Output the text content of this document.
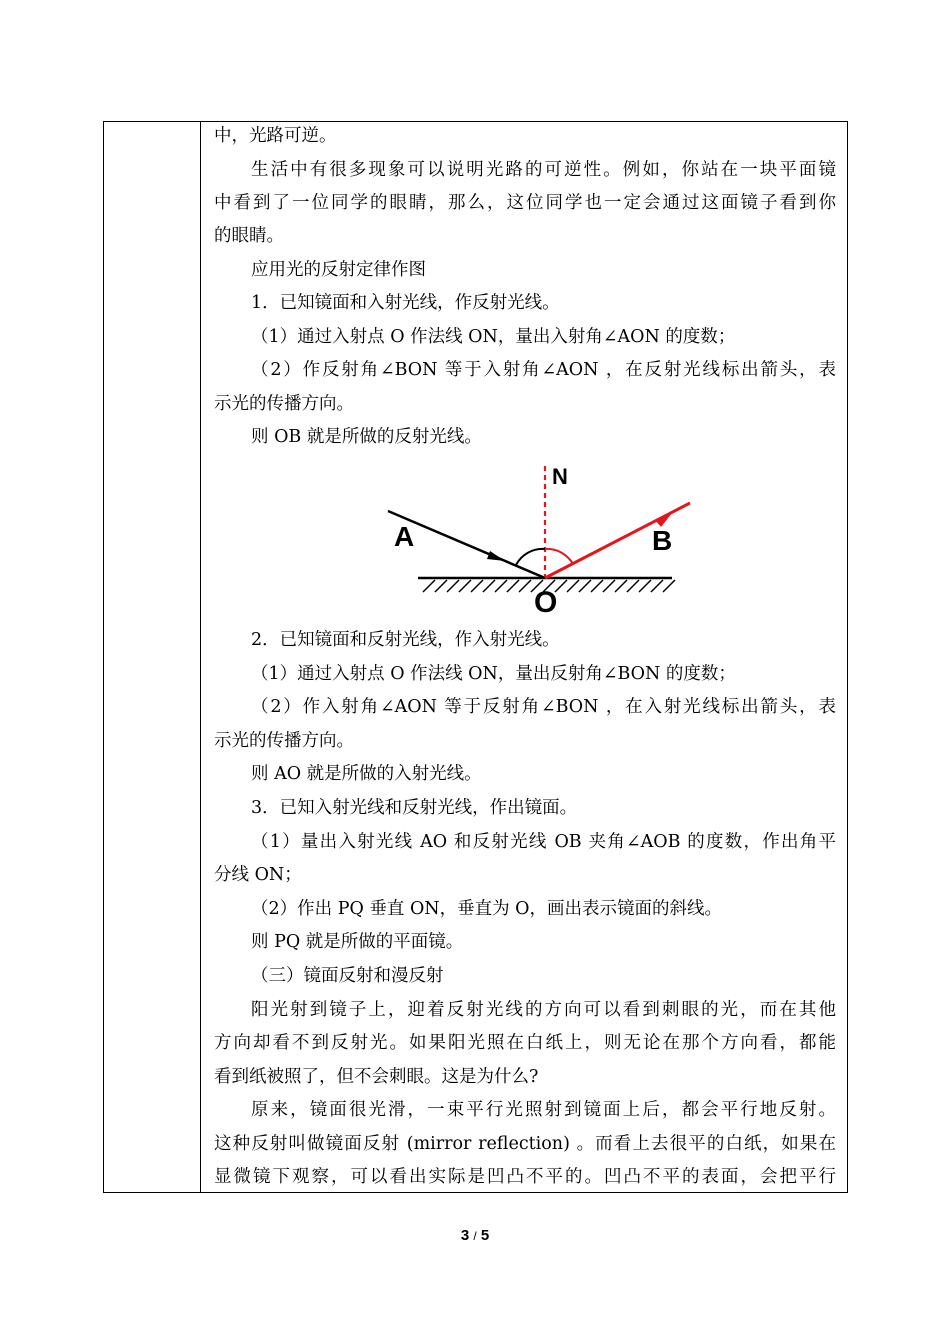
中，光路可逆。
生活中有很多现象可以说明光路的可逆性。例如，你站在一块平面镜
中看到了一位同学的眼睛，那么，这位同学也一定会通过这面镜子看到你
的眼睛。
应用光的反射定律作图
1．已知镜面和入射光线，作反射光线。
（1）通过入射点 O 作法线 ON，量出入射角∠AON 的度数；
（2）作反射角∠BON 等于入射角∠AON ，在反射光线标出箭头，表
示光的传播方向。
则 OB 就是所做的反射光线。
2．已知镜面和反射光线，作入射光线。
（1）通过入射点 O 作法线 ON，量出反射角∠BON 的度数；
（2）作入射角∠AON 等于反射角∠BON ，在入射光线标出箭头，表
示光的传播方向。
则 AO 就是所做的入射光线。
3．已知入射光线和反射光线，作出镜面。
（1）量出入射光线 AO 和反射光线 OB 夹角∠AOB 的度数，作出角平
分线 ON；
（2）作出 PQ 垂直 ON，垂直为 O，画出表示镜面的斜线。
则 PQ 就是所做的平面镜。
（三）镜面反射和漫反射
阳光射到镜子上，迎着反射光线的方向可以看到刺眼的光，而在其他
方向却看不到反射光。如果阳光照在白纸上，则无论在那个方向看，都能
看到纸被照了，但不会刺眼。这是为什么?
原来，镜面很光滑，一束平行光照射到镜面上后，都会平行地反射。
这种反射叫做镜面反射 (mirror reflection) 。而看上去很平的白纸，如果在
显微镜下观察，可以看出实际是凹凸不平的。凹凸不平的表面，会把平行
A	B
N
O
3 / 5
